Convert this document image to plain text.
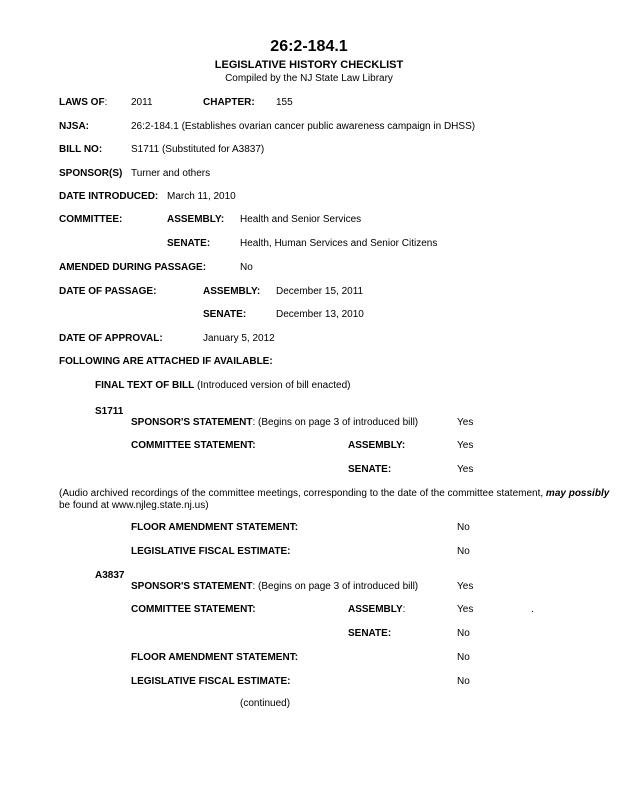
26:2-184.1
LEGISLATIVE HISTORY CHECKLIST
Compiled by the NJ State Law Library
LAWS OF: 2011	CHAPTER: 155
NJSA:	26:2-184.1 (Establishes ovarian cancer public awareness campaign in DHSS)
BILL NO:	S1711 (Substituted for A3837)
SPONSOR(S) Turner and others
DATE INTRODUCED: March 11, 2010
COMMITTEE:	ASSEMBLY: Health and Senior Services
SENATE:	Health, Human Services and Senior Citizens
AMENDED DURING PASSAGE:	No
DATE OF PASSAGE:	ASSEMBLY: December 15, 2011
SENATE:	December 13, 2010
DATE OF APPROVAL:	January 5, 2012
FOLLOWING ARE ATTACHED IF AVAILABLE:
FINAL TEXT OF BILL (Introduced version of bill enacted)
S1711
SPONSOR'S STATEMENT: (Begins on page 3 of introduced bill)	Yes
COMMITTEE STATEMENT:	ASSEMBLY:	Yes
SENATE:	Yes
(Audio archived recordings of the committee meetings, corresponding to the date of the committee statement, may possibly
be found at www.njleg.state.nj.us)
FLOOR AMENDMENT STATEMENT:	No
LEGISLATIVE FISCAL ESTIMATE:	No
A3837
SPONSOR'S STATEMENT: (Begins on page 3 of introduced bill)	Yes
COMMITTEE STATEMENT:	ASSEMBLY:	Yes	.
SENATE:	No
FLOOR AMENDMENT STATEMENT:	No
LEGISLATIVE FISCAL ESTIMATE:	No
(continued)
